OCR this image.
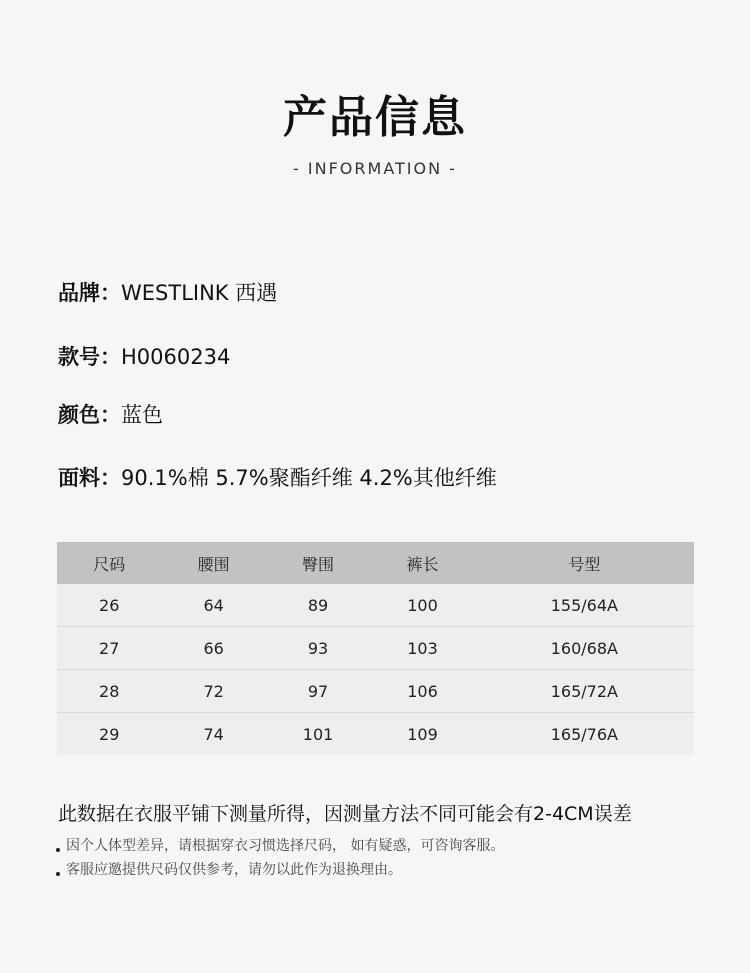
产品信息
- INFORMATION -
品牌：WESTLINK 西遇
款号：H0060234
颜色：蓝色
面料：90.1%棉 5.7%聚酯纤维 4.2%其他纤维
尺码	腰围	臀围	裤长	号型
26	64	89	100	155/64A
27	66	93	103	160/68A
28	72	97	106	165/72A
29	74	101	109	165/76A
此数据在衣服平铺下测量所得，因测量方法不同可能会有2-4CM误差
因个人体型差异，请根据穿衣习惯选择尺码， 如有疑惑，可咨询客服。
客服应邀提供尺码仅供参考，请勿以此作为退换理由。
